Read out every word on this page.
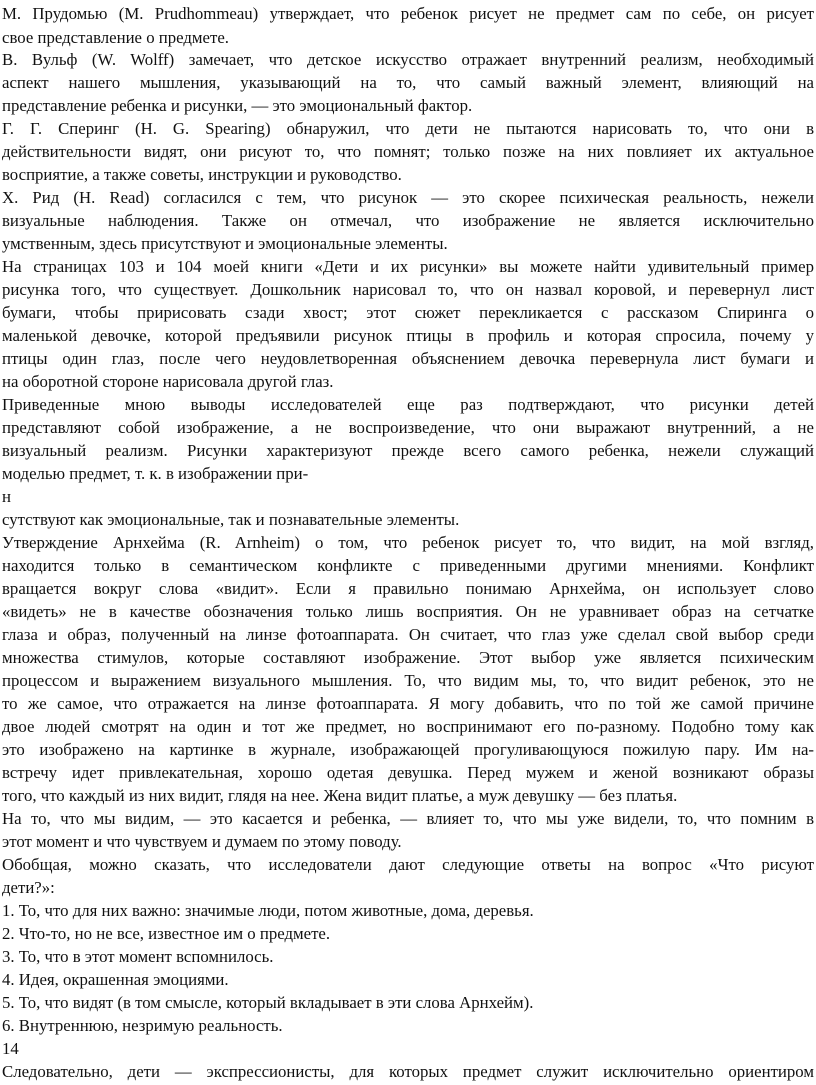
М. Прудомью (М. Prudhommeau) утверждает, что ребенок рисует не предмет сам по себе, он рисует
свое представление о предмете.
В. Вульф (W. Wolff) замечает, что детское искусство отражает внутренний реализм, необходимый
аспект нашего мышления, указывающий на то, что самый важный элемент, влияющий на
представление ребенка и рисунки, — это эмоциональный фактор.
Г. Г. Сперинг (H. G. Spearing) обнаружил, что дети не пытаются нарисовать то, что они в
действительности видят, они рисуют то, что помнят; только позже на них повлияет их актуальное
восприятие, а также советы, инструкции и руководство.
X. Рид (H. Read) согласился с тем, что рисунок — это скорее психическая реальность, нежели
визуальные наблюдения. Также он отмечал, что изображение не является исключительно
умственным, здесь присутствуют и эмоциональные элементы.
На страницах 103 и 104 моей книги «Дети и их рисунки» вы можете найти удивительный пример
рисунка того, что существует. Дошкольник нарисовал то, что он назвал коровой, и перевернул лист
бумаги, чтобы пририсовать сзади хвост; этот сюжет перекликается с рассказом Спиринга о
маленькой девочке, которой предъявили рисунок птицы в профиль и которая спросила, почему у
птицы один глаз, после чего неудовлетворенная объяснением девочка перевернула лист бумаги и
на оборотной стороне нарисовала другой глаз.
Приведенные мною выводы исследователей еще раз подтверждают, что рисунки детей
представляют собой изображение, а не воспроизведение, что они выражают внутренний, а не
визуальный реализм. Рисунки характеризуют прежде всего самого ребенка, нежели служащий
моделью предмет, т. к. в изображении при-
н
сутствуют как эмоциональные, так и познавательные элементы.
Утверждение Арнхейма (R. Arnheim) о том, что ребенок рисует то, что видит, на мой взгляд,
находится только в семантическом конфликте с приведенными другими мнениями. Конфликт
вращается вокруг слова «видит». Если я правильно понимаю Арнхейма, он использует слово
«видеть» не в качестве обозначения только лишь восприятия. Он не уравнивает образ на сетчатке
глаза и образ, полученный на линзе фотоаппарата. Он считает, что глаз уже сделал свой выбор среди
множества стимулов, которые составляют изображение. Этот выбор уже является психическим
процессом и выражением визуального мышления. То, что видим мы, то, что видит ребенок, это не
то же самое, что отражается на линзе фотоаппарата. Я могу добавить, что по той же самой причине
двое людей смотрят на один и тот же предмет, но воспринимают его по-разному. Подобно тому как
это изображено на картинке в журнале, изображающей прогуливающуюся пожилую пару. Им на-
встречу идет привлекательная, хорошо одетая девушка. Перед мужем и женой возникают образы
того, что каждый из них видит, глядя на нее. Жена видит платье, а муж девушку — без платья.
На то, что мы видим, — это касается и ребенка, — влияет то, что мы уже видели, то, что помним в
этот момент и что чувствуем и думаем по этому поводу.
Обобщая, можно сказать, что исследователи дают следующие ответы на вопрос «Что рисуют
дети?»:
1. То, что для них важно: значимые люди, потом животные, дома, деревья.
2. Что-то, но не все, известное им о предмете.
3. То, что в этот момент вспомнилось.
4. Идея, окрашенная эмоциями.
5. То, что видят (в том смысле, который вкладывает в эти слова Арнхейм).
6. Внутреннюю, незримую реальность.
14
Следовательно, дети — экспрессионисты, для которых предмет служит исключительно ориентиром
